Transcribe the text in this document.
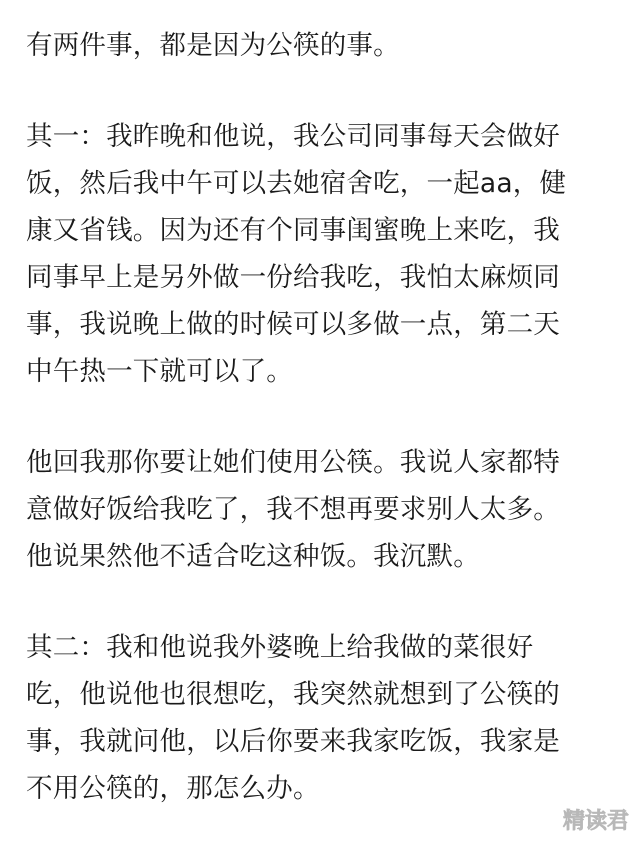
有两件事，都是因为公筷的事。
其一：我昨晚和他说，我公司同事每天会做好
饭，然后我中午可以去她宿舍吃，一起aa，健
康又省钱。因为还有个同事闺蜜晚上来吃，我
同事早上是另外做一份给我吃，我怕太麻烦同
事，我说晚上做的时候可以多做一点，第二天
中午热一下就可以了。
他回我那你要让她们使用公筷。我说人家都特
意做好饭给我吃了，我不想再要求别人太多。
他说果然他不适合吃这种饭。我沉默。
其二：我和他说我外婆晚上给我做的菜很好
吃，他说他也很想吃，我突然就想到了公筷的
事，我就问他，以后你要来我家吃饭，我家是
不用公筷的，那怎么办。
精读君
